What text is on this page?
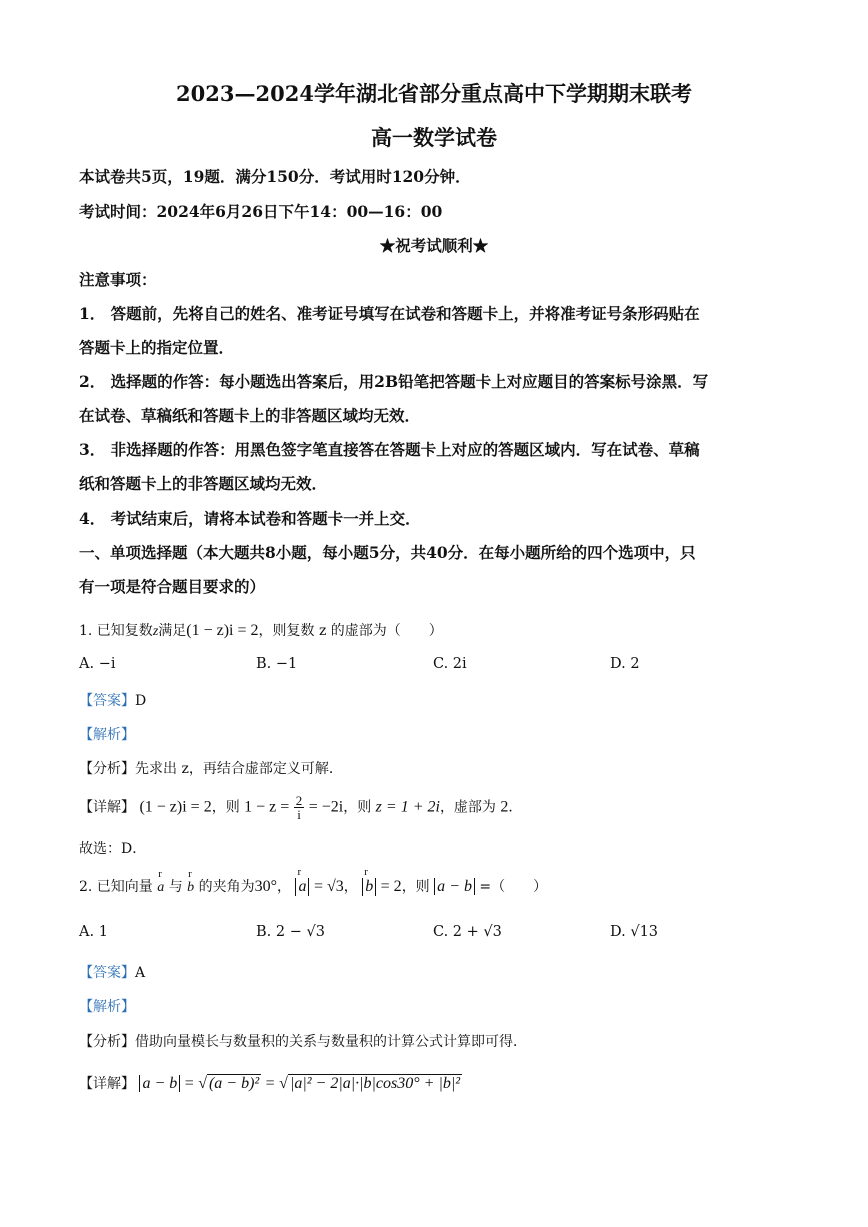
2023—2024学年湖北省部分重点高中下学期期末联考
高一数学试卷
本试卷共5页，19题．满分150分．考试用时120分钟．
考试时间：2024年6月26日下午14：00—16：00
★祝考试顺利★
注意事项：
1． 答题前，先将自己的姓名、准考证号填写在试卷和答题卡上，并将准考证号条形码贴在
答题卡上的指定位置．
2． 选择题的作答：每小题选出答案后，用2B铅笔把答题卡上对应题目的答案标号涂黑．写
在试卷、草稿纸和答题卡上的非答题区域均无效．
3． 非选择题的作答：用黑色签字笔直接答在答题卡上对应的答题区域内．写在试卷、草稿
纸和答题卡上的非答题区域均无效．
4． 考试结束后，请将本试卷和答题卡一并上交．
一、单项选择题（本大题共8小题，每小题5分，共40分．在每小题所给的四个选项中，只
有一项是符合题目要求的）
1. 已知复数z满足(1 − z)i = 2，则复数 z 的虚部为（　　）
A. −i	B. −1	C. 2i	D. 2
【答案】D
【解析】
【分析】先求出 z，再结合虚部定义可解．
【详解】 (1 − z)i = 2，则 $1 - z = \frac{2}{i} = -2i$，则 z = 1 + 2i，虚部为 2．
故选：D．
2. 已知向量 r a 与 r b 的夹角为30°， r a = √3， r b = 2，则 a − b =（　　）
A. 1	B. 2 − √3	C. 2 + √3	D. √13
【答案】A
【解析】
【分析】借助向量模长与数量积的关系与数量积的计算公式计算即可得．
【详解】 a − b = √ (a − b)² = √ |a|² − 2|a|·|b|cos30° + |b|²
